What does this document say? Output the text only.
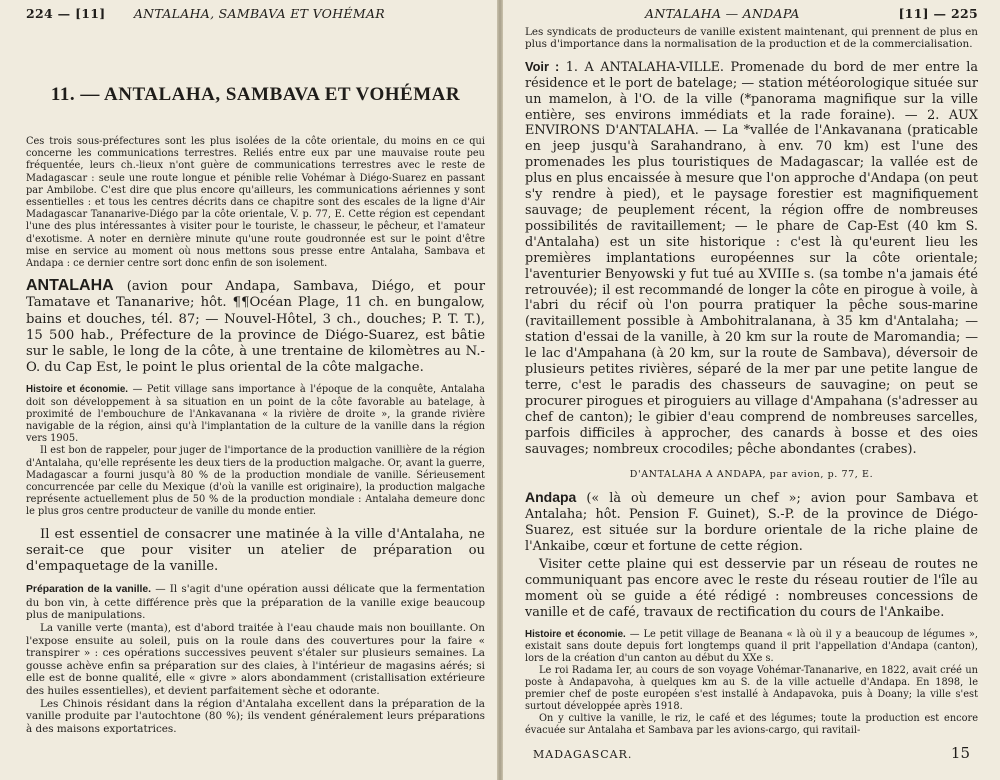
224 — [11] ANTALAHA, SAMBAVA ET VOHÉMAR
11. — ANTALAHA, SAMBAVA ET VOHÉMAR

Ces trois sous-préfectures sont les plus isolées de la côte orientale, du moins en ce qui concerne les communications terrestres. Reliés entre eux par une mauvaise route peu fréquentée, leurs ch.-lieux n'ont guère de communications terrestres avec le reste de Madagascar : seule une route longue et pénible relie Vohémar à Diégo-Suarez en passant par Ambilobe. C'est dire que plus encore qu'ailleurs, les communications aériennes y sont essentielles : et tous les centres décrits dans ce chapitre sont des escales de la ligne d'Air Madagascar Tananarive-Diégo par la côte orientale, V. p. 77, E. Cette région est cependant l'une des plus intéressantes à visiter pour le touriste, le chasseur, le pêcheur, et l'amateur d'exotisme. A noter en dernière minute qu'une route goudronnée est sur le point d'être mise en service au moment où nous mettons sous presse entre Antalaha, Sambava et Andapa : ce dernier centre sort donc enfin de son isolement.

ANTALAHA (avion pour Andapa, Sambava, Diégo, et pour Tamatave et Tananarive; hôt. ¶¶Océan Plage, 11 ch. en bungalow, bains et douches, tél. 87; — Nouvel-Hôtel, 3 ch., douches; P. T. T.), 15 500 hab., Préfecture de la province de Diégo-Suarez, est bâtie sur le sable, le long de la côte, à une trentaine de kilomètres au N.-O. du Cap Est, le point le plus oriental de la côte malgache.

Histoire et économie. — Petit village sans importance à l'époque de la conquête, Antalaha doit son développement à sa situation en un point de la côte favorable au batelage, à proximité de l'embouchure de l'Ankavanana « la rivière de droite », la grande rivière navigable de la région, ainsi qu'à l'implantation de la culture de la vanille dans la région vers 1905.

Il est bon de rappeler, pour juger de l'importance de la production vanillière de la région d'Antalaha, qu'elle représente les deux tiers de la production malgache. Or, avant la guerre, Madagascar a fourni jusqu'à 80 % de la production mondiale de vanille. Sérieusement concurrencée par celle du Mexique (d'où la vanille est originaire), la production malgache représente actuellement plus de 50 % de la production mondiale : Antalaha demeure donc le plus gros centre producteur de vanille du monde entier.

Il est essentiel de consacrer une matinée à la ville d'Antalaha, ne serait-ce que pour visiter un atelier de préparation ou d'empaquetage de la vanille.

Préparation de la vanille. — Il s'agit d'une opération aussi délicate que la fermentation du bon vin, à cette différence près que la préparation de la vanille exige beaucoup plus de manipulations.

La vanille verte (manta), est d'abord traitée à l'eau chaude mais non bouillante. On l'expose ensuite au soleil, puis on la roule dans des couvertures pour la faire « transpirer » : ces opérations successives peuvent s'étaler sur plusieurs semaines. La gousse achève enfin sa préparation sur des claies, à l'intérieur de magasins aérés; si elle est de bonne qualité, elle « givre » alors abondamment (cristallisation extérieure des huiles essentielles), et devient parfaitement sèche et odorante.

Les Chinois résidant dans la région d'Antalaha excellent dans la préparation de la vanille produite par l'autochtone (80 %); ils vendent généralement leurs préparations à des maisons exportatrices.

ANTALAHA — ANDAPA	[11] — 225

Les syndicats de producteurs de vanille existent maintenant, qui prennent de plus en plus d'importance dans la normalisation de la production et de la commercialisation.

Voir : 1. A ANTALAHA-VILLE. Promenade du bord de mer entre la résidence et le port de batelage; — station météorologique située sur un mamelon, à l'O. de la ville (*panorama magnifique sur la ville entière, ses environs immédiats et la rade foraine). — 2. AUX ENVIRONS D'ANTALAHA. — La *vallée de l'Ankavanana (praticable en jeep jusqu'à Sarahandrano, à env. 70 km) est l'une des promenades les plus touristiques de Madagascar; la vallée est de plus en plus encaissée à mesure que l'on approche d'Andapa (on peut s'y rendre à pied), et le paysage forestier est magnifiquement sauvage; de peuplement récent, la région offre de nombreuses possibilités de ravitaillement; — le phare de Cap-Est (40 km S. d'Antalaha) est un site historique : c'est là qu'eurent lieu les premières implantations européennes sur la côte orientale; l'aventurier Benyowski y fut tué au XVIIIe s. (sa tombe n'a jamais été retrouvée); il est recommandé de longer la côte en pirogue à voile, à l'abri du récif où l'on pourra pratiquer la pêche sous-marine (ravitaillement possible à Ambohitralanana, à 35 km d'Antalaha; — station d'essai de la vanille, à 20 km sur la route de Maromandia; — le lac d'Ampahana (à 20 km, sur la route de Sambava), déversoir de plusieurs petites rivières, séparé de la mer par une petite langue de terre, c'est le paradis des chasseurs de sauvagine; on peut se procurer pirogues et piroguiers au village d'Ampahana (s'adresser au chef de canton); le gibier d'eau comprend de nombreuses sarcelles, parfois difficiles à approcher, des canards à bosse et des oies sauvages; nombreux crocodiles; pêche abondantes (crabes).

D'ANTALAHA A ANDAPA, par avion, p. 77, E.

Andapa (« là où demeure un chef »; avion pour Sambava et Antalaha; hôt. Pension F. Guinet), S.-P. de la province de Diégo-Suarez, est située sur la bordure orientale de la riche plaine de l'Ankaibe, cœur et fortune de cette région.

Visiter cette plaine qui est desservie par un réseau de routes ne communiquant pas encore avec le reste du réseau routier de l'île au moment où se guide a été rédigé : nombreuses concessions de vanille et de café, travaux de rectification du cours de l'Ankaibe.

Histoire et économie. — Le petit village de Beanana « là où il y a beaucoup de légumes », existait sans doute depuis fort longtemps quand il prit l'appellation d'Andapa (canton), lors de la création d'un canton au début du XXe s.

Le roi Radama Ier, au cours de son voyage Vohémar-Tananarive, en 1822, avait créé un poste à Andapavoha, à quelques km au S. de la ville actuelle d'Andapa. En 1898, le premier chef de poste européen s'est installé à Andapavoka, puis à Doany; la ville s'est surtout développée après 1918.

On y cultive la vanille, le riz, le café et des légumes; toute la production est encore évacuée sur Antalaha et Sambava par les avions-cargo, qui ravitail-

MADAGASCAR.	15
